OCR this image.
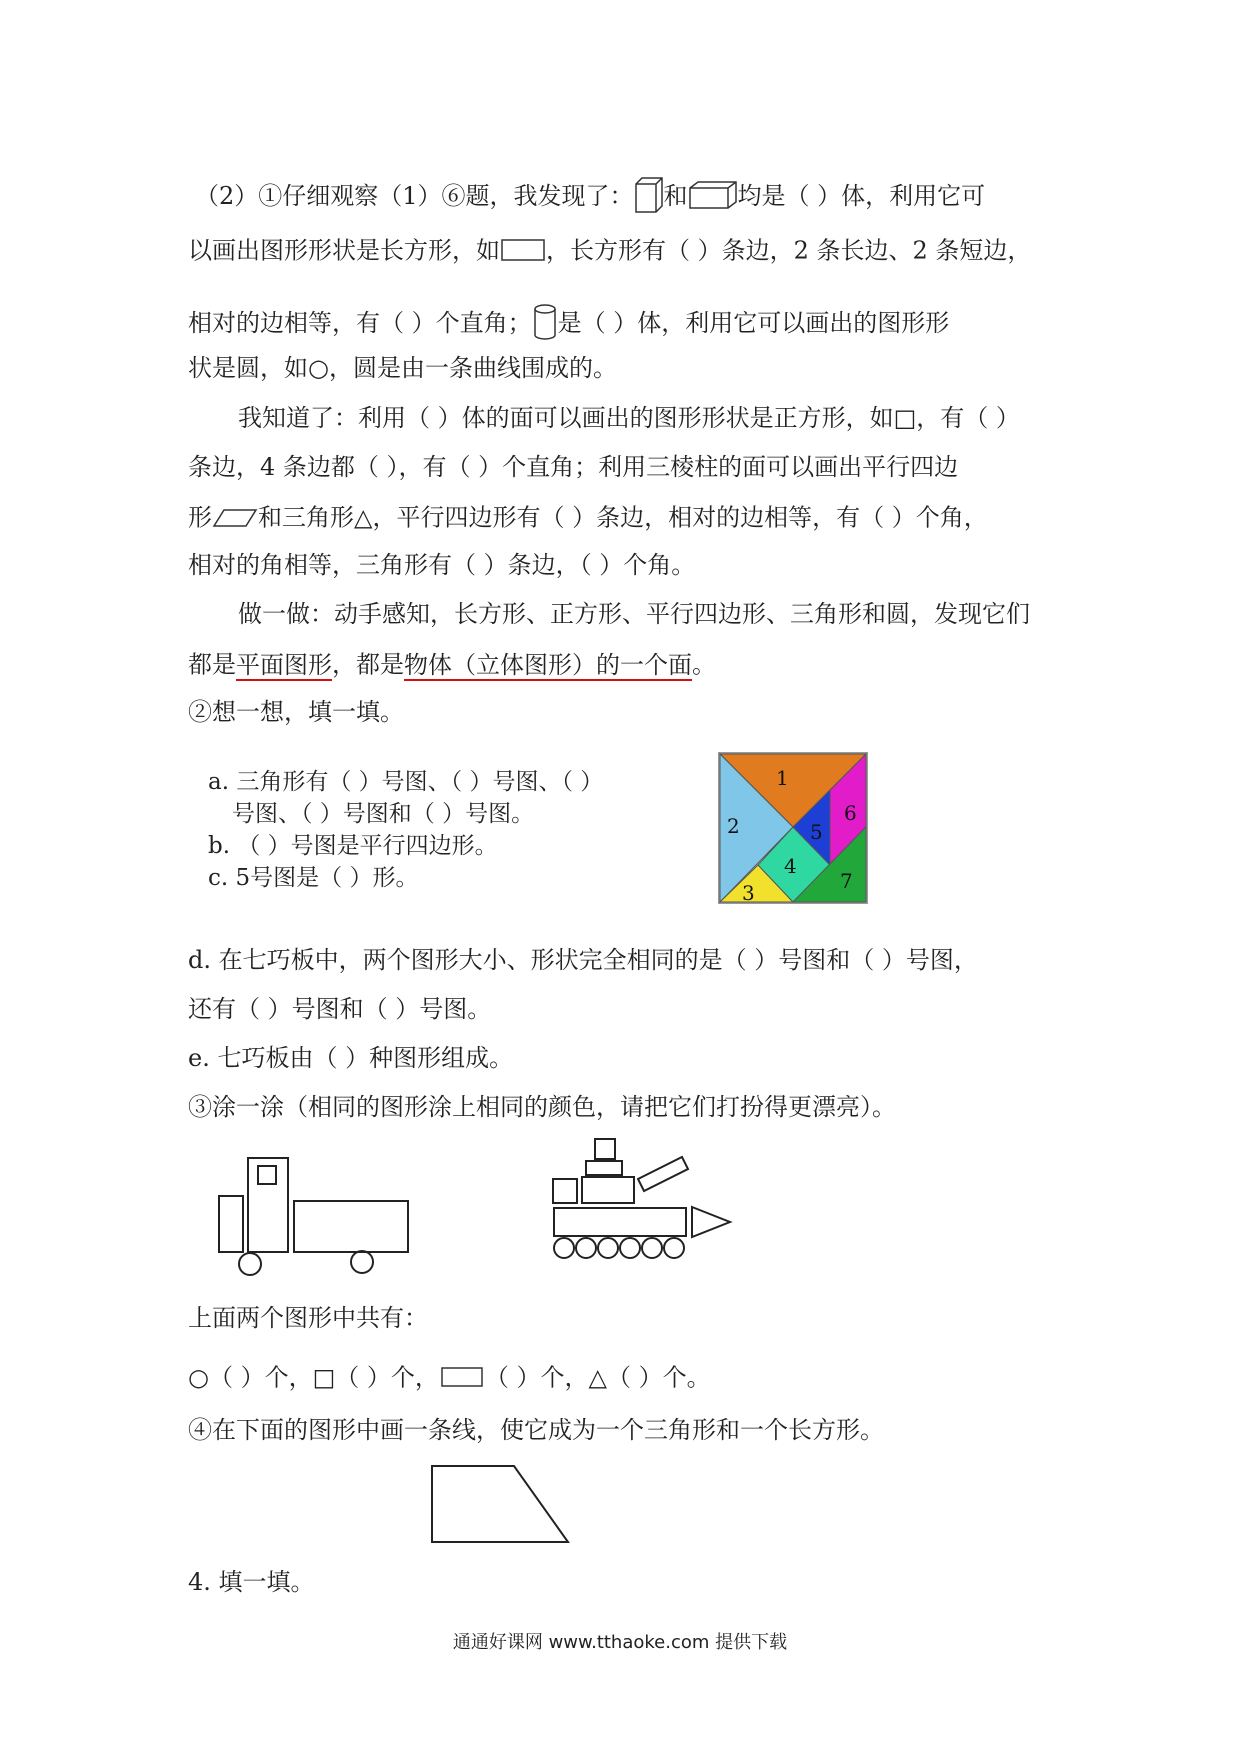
（2）①仔细观察（1）⑥题，我发现了： 和 均是（ ）体，利用它可
以画出图形形状是长方形，如 ，长方形有（ ）条边，2 条长边、2 条短边，
相对的边相等，有（ ）个直角； 是（ ）体，利用它可以画出的图形形
状是圆，如○，圆是由一条曲线围成的。
我知道了：利用（ ）体的面可以画出的图形形状是正方形，如□，有（ ）
条边，4 条边都（ ），有（ ）个直角；利用三棱柱的面可以画出平行四边
形 和三角形△，平行四边形有（ ）条边，相对的边相等，有（ ）个角，
相对的角相等，三角形有（ ）条边，（ ）个角。
做一做：动手感知，长方形、正方形、平行四边形、三角形和圆，发现它们
都是平面图形，都是物体（立体图形）的一个面。
②想一想，填一填。
a. 三角形有（ ）号图、（ ）号图、（ ）
号图、（ ）号图和（ ）号图。
b. （ ）号图是平行四边形。
c. 5号图是（ ）形。
1
2
3
4
5
6
7
d. 在七巧板中，两个图形大小、形状完全相同的是（ ）号图和（ ）号图，
还有（ ）号图和（ ）号图。
e. 七巧板由（ ）种图形组成。
③涂一涂（相同的图形涂上相同的颜色，请把它们打扮得更漂亮）。
上面两个图形中共有：
○（ ）个，□（ ）个， （ ）个，△（ ）个。
④在下面的图形中画一条线，使它成为一个三角形和一个长方形。
4. 填一填。
通通好课网 www.tthaoke.com 提供下载
